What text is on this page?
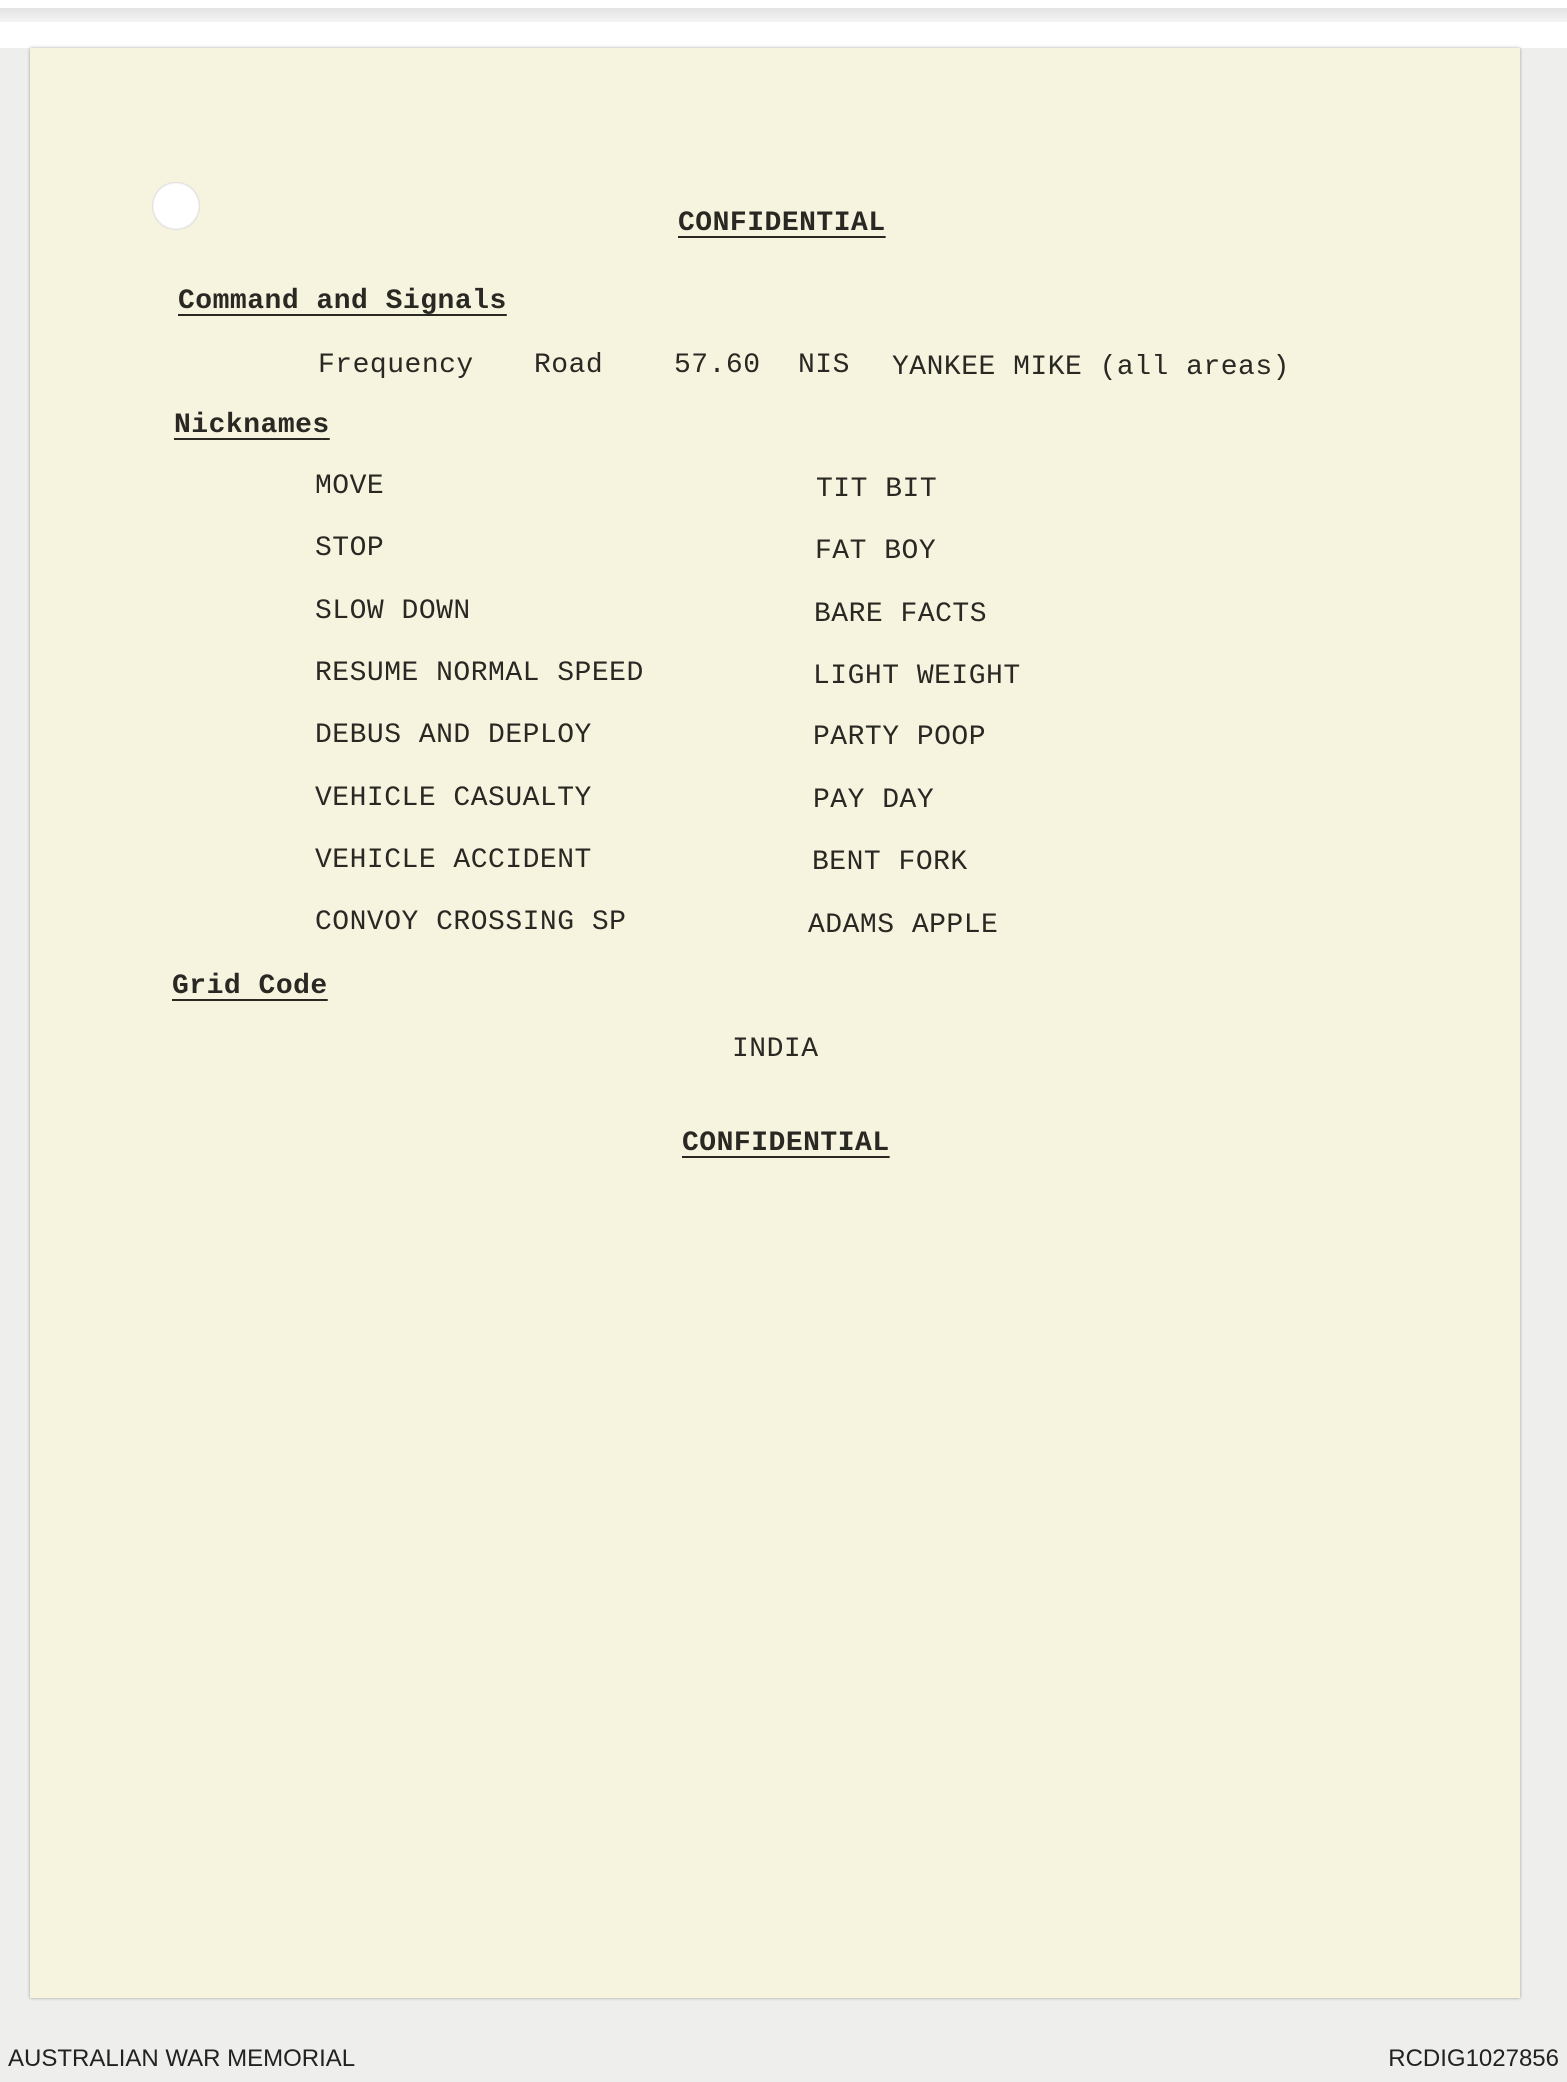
CONFIDENTIAL
Command and Signals
Frequency Road	57.60 NIS YANKEE MIKE (all areas)
Nicknames
MOVE	TIT BIT
STOP	FAT BOY
SLOW DOWN	BARE FACTS
RESUME NORMAL SPEED	LIGHT WEIGHT
DEBUS AND DEPLOY	PARTY POOP
VEHICLE CASUALTY	PAY DAY
VEHICLE ACCIDENT	BENT FORK
CONVOY CROSSING SP	ADAMS APPLE
Grid Code
INDIA
CONFIDENTIAL
AUSTRALIAN WAR MEMORIAL	RCDIG1027856
